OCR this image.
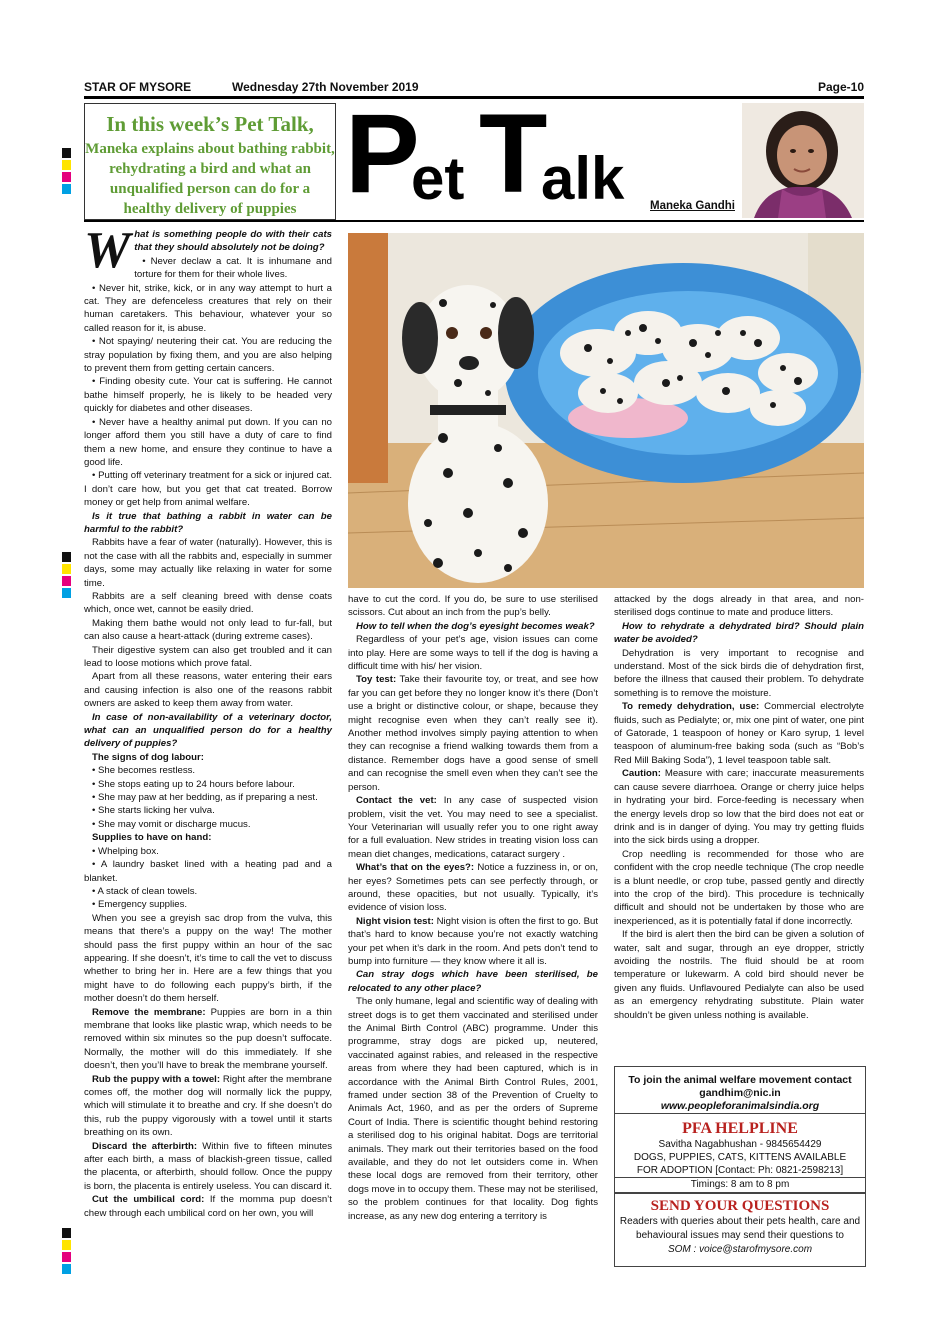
STAR OF MYSORE	Wednesday 27th November 2019	Page-10
In this week’s Pet Talk,
Maneka explains about bathing rabbit, rehydrating a bird and what an unqualified person can do for a healthy delivery of puppies P
et T
alk Maneka Gandhi

What is something people do with their cats that they should absolutely not be doing?

• Never declaw a cat. It is inhumane and torture for them for their whole lives.

• Never hit, strike, kick, or in any way attempt to hurt a cat. They are defenceless creatures that rely on their human caretakers. This behaviour, whatever your so called reason for it, is abuse.

• Not spaying/ neutering their cat. You are reducing the stray population by fixing them, and you are also helping to prevent them from getting certain cancers.

• Finding obesity cute. Your cat is suffering. He cannot bathe himself properly, he is likely to be headed very quickly for diabetes and other diseases.

• Never have a healthy animal put down. If you can no longer afford them you still have a duty of care to find them a new home, and ensure they continue to have a good life.

• Putting off veterinary treatment for a sick or injured cat. I don’t care how, but you get that cat treated. Borrow money or get help from animal welfare.

Is it true that bathing a rabbit in water can be harmful to the rabbit?

Rabbits have a fear of water (naturally). However, this is not the case with all the rabbits and, especially in summer days, some may actually like relaxing in water for some time.

Rabbits are a self cleaning breed with dense coats which, once wet, cannot be easily dried.

Making them bathe would not only lead to fur-fall, but can also cause a heart-attack (during extreme cases).

Their digestive system can also get troubled and it can lead to loose motions which prove fatal.

Apart from all these reasons, water entering their ears and causing infection is also one of the reasons rabbit owners are asked to keep them away from water.

In case of non-availability of a veterinary doctor, what can an unqualified person do for a healthy delivery of puppies?

The signs of dog labour:

• She becomes restless.

• She stops eating up to 24 hours before labour.

• She may paw at her bedding, as if preparing a nest.

• She starts licking her vulva.

• She may vomit or discharge mucus.

Supplies to have on hand:

• Whelping box.

• A laundry basket lined with a heating pad and a blanket.

• A stack of clean towels.

• Emergency supplies.

When you see a greyish sac drop from the vulva, this means that there’s a puppy on the way! The mother should pass the first puppy within an hour of the sac appearing. If she doesn’t, it’s time to call the vet to discuss whether to bring her in. Here are a few things that you might have to do following each puppy’s birth, if the mother doesn’t do them herself.

Remove the membrane: Puppies are born in a thin membrane that looks like plastic wrap, which needs to be removed within six minutes so the pup doesn’t suffocate. Normally, the mother will do this immediately. If she doesn’t, then you’ll have to break the membrane yourself.

Rub the puppy with a towel: Right after the membrane comes off, the mother dog will normally lick the puppy, which will stimulate it to breathe and cry. If she doesn’t do this, rub the puppy vigorously with a towel until it starts breathing on its own.

Discard the afterbirth: Within five to fifteen minutes after each birth, a mass of blackish-green tissue, called the placenta, or afterbirth, should follow. Once the puppy is born, the placenta is entirely useless. You can discard it.

Cut the umbilical cord: If the momma pup doesn’t chew through each umbilical cord on her own, you will

have to cut the cord. If you do, be sure to use sterilised scissors. Cut about an inch from the pup’s belly.

How to tell when the dog’s eyesight becomes weak?

Regardless of your pet’s age, vision issues can come into play. Here are some ways to tell if the dog is having a difficult time with his/ her vision.

Toy test: Take their favourite toy, or treat, and see how far you can get before they no longer know it’s there (Don’t use a bright or distinctive colour, or shape, because they might recognise even when they can’t really see it). Another method involves simply paying attention to when they can recognise a friend walking towards them from a distance. Remember dogs have a good sense of smell and can recognise the smell even when they can’t see the person.

Contact the vet: In any case of suspected vision problem, visit the vet. You may need to see a specialist. Your Veterinarian will usually refer you to one right away for a full evaluation. New strides in treating vision loss can mean diet changes, medications, cataract surgery .

What’s that on the eyes?: Notice a fuzziness in, or on, her eyes? Sometimes pets can see perfectly through, or around, these opacities, but not usually. Typically, it’s evidence of vision loss.

Night vision test: Night vision is often the first to go. But that’s hard to know because you’re not exactly watching your pet when it’s dark in the room. And pets don’t tend to bump into furniture — they know where it all is.

Can stray dogs which have been sterilised, be relocated to any other place?

The only humane, legal and scientific way of dealing with street dogs is to get them vaccinated and sterilised under the Animal Birth Control (ABC) programme. Under this programme, stray dogs are picked up, neutered, vaccinated against rabies, and released in the respective areas from where they had been captured, which is in accordance with the Animal Birth Control Rules, 2001, framed under section 38 of the Prevention of Cruelty to Animals Act, 1960, and as per the orders of Supreme Court of India. There is scientific thought behind restoring a sterilised dog to his original habitat. Dogs are territorial animals. They mark out their territories based on the food available, and they do not let outsiders come in. When these local dogs are removed from their territory, other dogs move in to occupy them. These may not be sterilised, so the problem continues for that locality. Dog fights increase, as any new dog entering a territory is

attacked by the dogs already in that area, and non-sterilised dogs continue to mate and produce litters.

How to rehydrate a dehydrated bird? Should plain water be avoided?

Dehydration is very important to recognise and understand. Most of the sick birds die of dehydration first, before the illness that caused their problem. To dehydrate something is to remove the moisture.

To remedy dehydration, use: Commercial electrolyte fluids, such as Pedialyte; or, mix one pint of water, one pint of Gatorade, 1 teaspoon of honey or Karo syrup, 1 level teaspoon of aluminum-free baking soda (such as “Bob’s Red Mill Baking Soda”), 1 level teaspoon table salt.

Caution: Measure with care; inaccurate measurements can cause severe diarrhoea. Orange or cherry juice helps in hydrating your bird. Force-feeding is necessary when the energy levels drop so low that the bird does not eat or drink and is in danger of dying. You may try getting fluids into the sick birds using a dropper.

Crop needling is recommended for those who are confident with the crop needle technique (The crop needle is a blunt needle, or crop tube, passed gently and directly into the crop of the bird). This procedure is technically difficult and should not be undertaken by those who are inexperienced, as it is potentially fatal if done incorrectly.

If the bird is alert then the bird can be given a solution of water, salt and sugar, through an eye dropper, strictly avoiding the nostrils. The fluid should be at room temperature or lukewarm. A cold bird should never be given any fluids. Unflavoured Pedialyte can also be used as an emergency rehydrating substitute. Plain water shouldn’t be given unless nothing is available.

To join the animal welfare movement contact
gandhim@nic.in
www.peopleforanimalsindia.org
PFA HELPLINE
Savitha Nagabhushan - 9845654429
DOGS, PUPPIES, CATS, KITTENS AVAILABLE
FOR ADOPTION [Contact: Ph: 0821-2598213]
Timings: 8 am to 8 pm
SEND YOUR QUESTIONS
Readers with queries about their pets health, care and behavioural issues may send their questions to
SOM : voice@starofmysore.com
